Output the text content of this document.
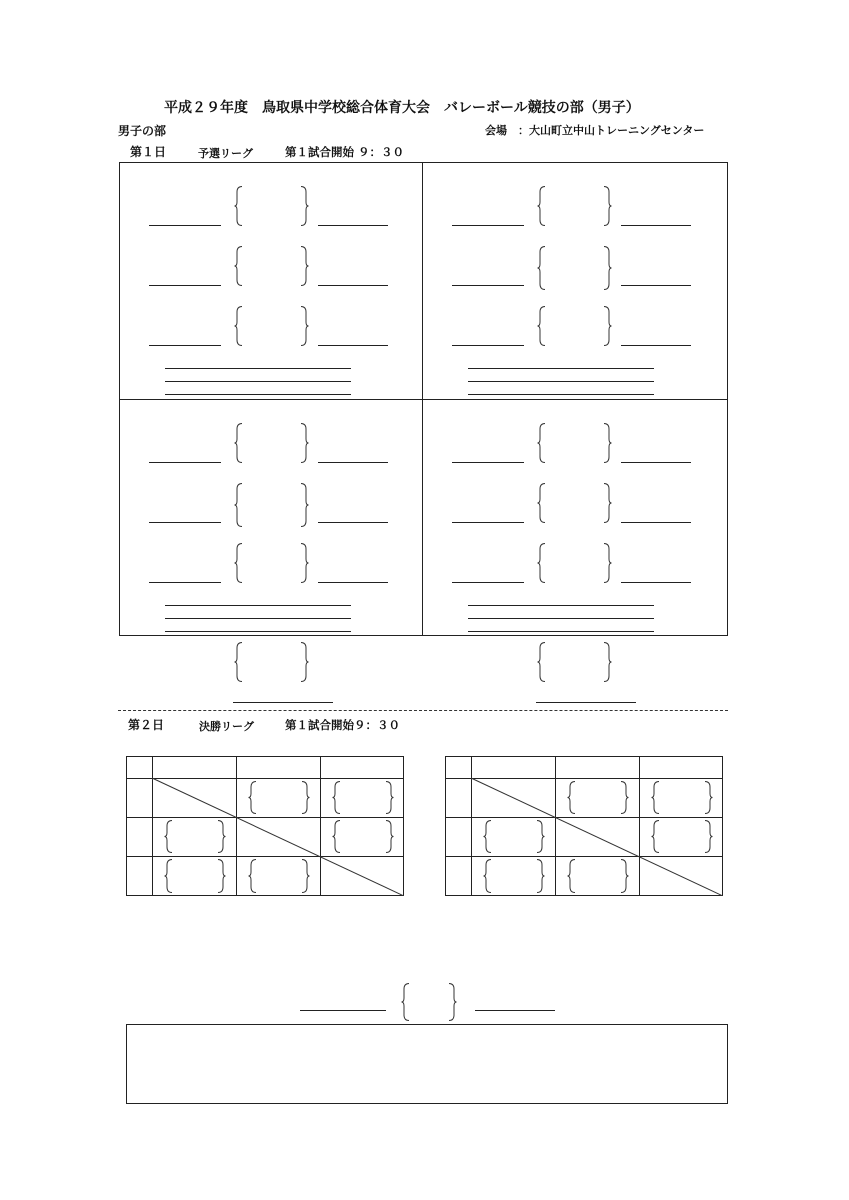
平成２９年度　鳥取県中学校総合体育大会　バレーボール競技の部（男子）
男子の部	会場　：大山町立中山トレーニングセンター
第１日	予選リーグ	第１試合開始 ９：３０
第２日	決勝リーグ	第１試合開始９：３０
